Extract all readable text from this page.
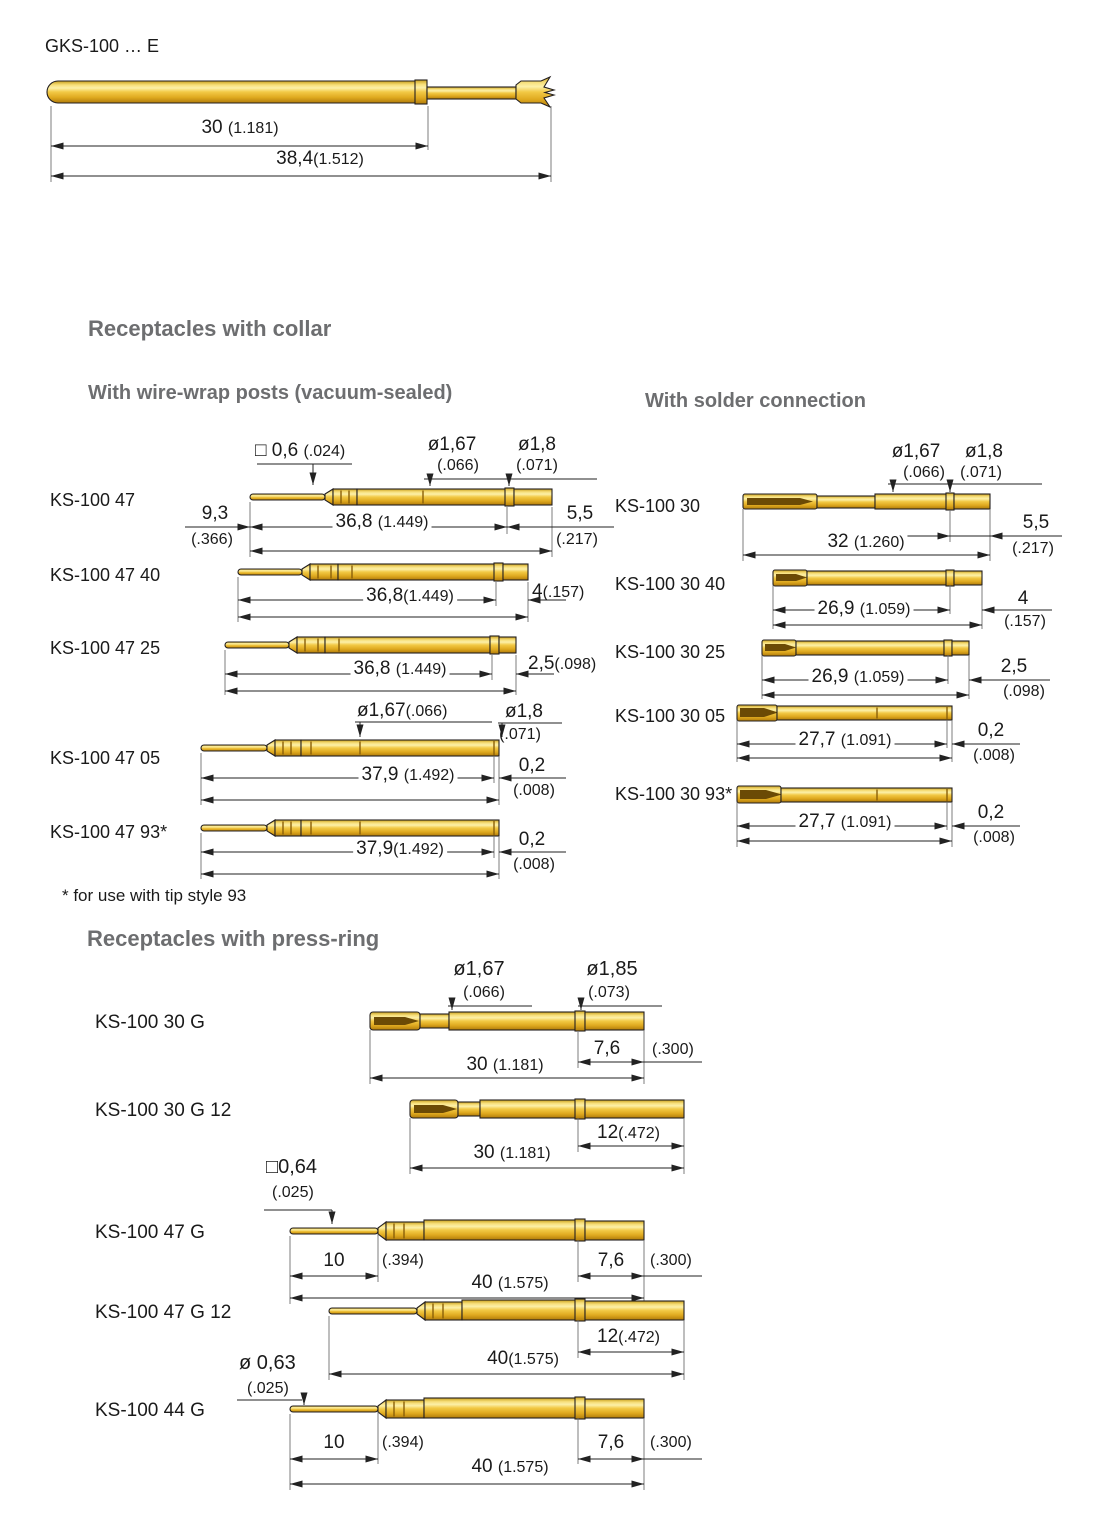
GKS-100 … E
30 (1.181)
38,4(1.512)
Receptacles with collar
With wire-wrap posts (vacuum-sealed)	With solder connection
* for use with tip style 93
Receptacles with press-ring
KS-100 47
□ 0,6 (.024)	ø1,67
(.066)
ø1,8
(.071)
9,3
(.366)
36,8 (1.449)	5,5
(.217)
KS-100 47 40
36,8(1.449)	4(.157)
KS-100 47 25
36,8 (1.449)	2,5(.098)
KS-100 47 05
ø1,67(.066)	ø1,8
(.071)
37,9 (1.492)	0,2
(.008)
KS-100 47 93*
37,9(1.492)	0,2
(.008)
KS-100 30
ø1,67
(.066)
ø1,8
(.071)
32 (1.260)
5,5
(.217)
KS-100 30 40
26,9 (1.059)
4
(.157)
KS-100 30 25
26,9 (1.059)
2,5
(.098)
KS-100 30 05
27,7 (1.091)	0,2
(.008)
KS-100 30 93*
27,7 (1.091)	0,2
(.008)
KS-100 30 G
ø1,67
(.066)
ø1,85
(.073)
7,6 (.300)
30 (1.181)
KS-100 30 G 12
12(.472)
30 (1.181)
□0,64
(.025)
KS-100 47 G
10 (.394)	7,6 (.300)
40 (1.575)
KS-100 47 G 12
12(.472)
40(1.575)
ø 0,63
(.025)
KS-100 44 G
10 (.394)	7,6 (.300)
40 (1.575)
